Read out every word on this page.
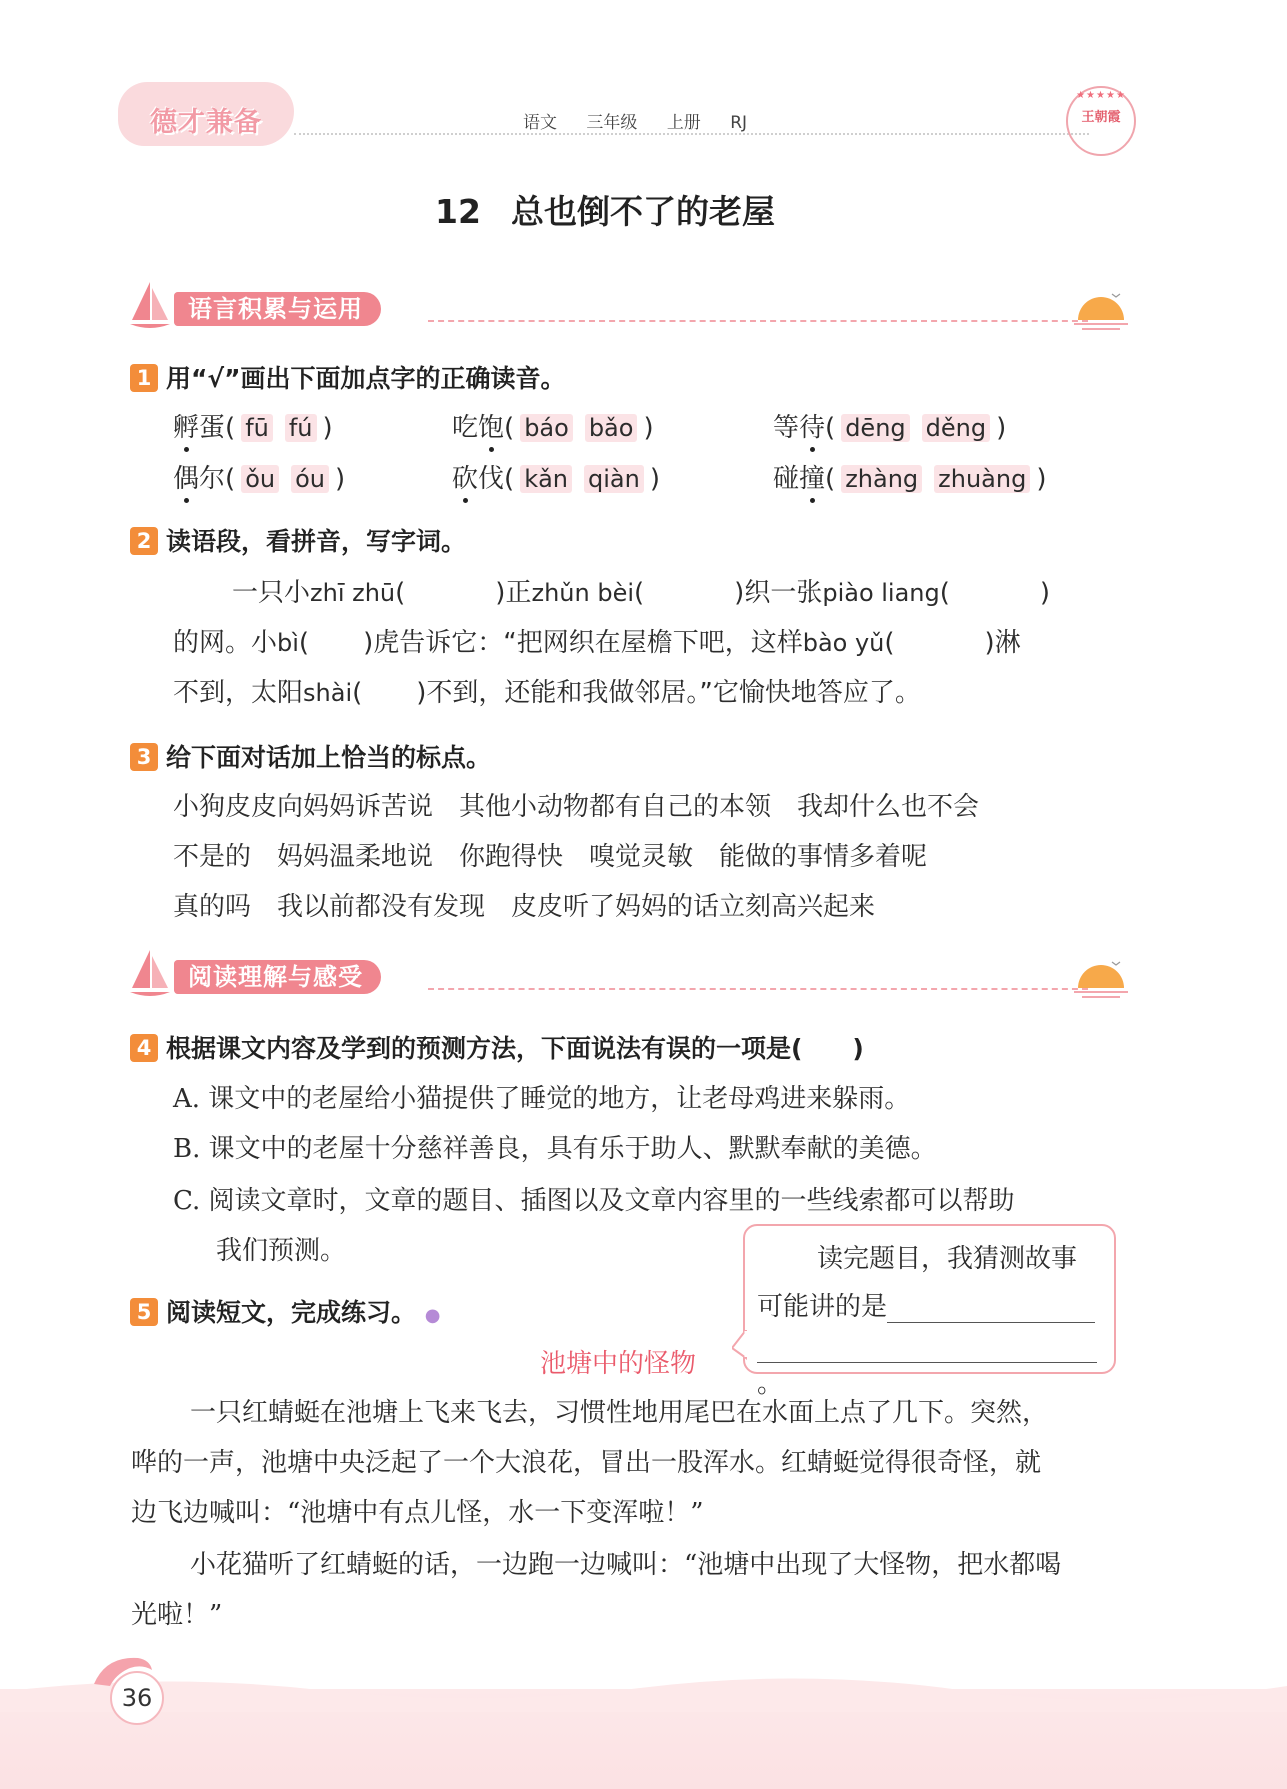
德才兼备	语文 三年级 上册 RJ
★★★★★
王朝霞
12 总也倒不了的老屋
语言积累与运用
1 用“√”画出下面加点字的正确读音。
孵蛋( fū fú )	吃饱( báo bǎo )	等待( dēng děng )
偶尔( ǒu óu )	砍伐( kǎn qiàn )	碰撞( zhàng zhuàng )
2 读语段，看拼音，写字词。
一只小zhī zhū(	)正zhǔn bèi(	)织一张piào liang(	)
的网。小bì( )虎告诉它：“把网织在屋檐下吧，这样bào yǔ(	)淋
不到，太阳shài( )不到，还能和我做邻居。”它愉快地答应了。
3 给下面对话加上恰当的标点。
小狗皮皮向妈妈诉苦说　其他小动物都有自己的本领　我却什么也不会
不是的　妈妈温柔地说　你跑得快　嗅觉灵敏　能做的事情多着呢
真的吗　我以前都没有发现　皮皮听了妈妈的话立刻高兴起来
阅读理解与感受
4 根据课文内容及学到的预测方法，下面说法有误的一项是(　　)
A. 课文中的老屋给小猫提供了睡觉的地方，让老母鸡进来躲雨。
B. 课文中的老屋十分慈祥善良，具有乐于助人、默默奉献的美德。
C. 阅读文章时，文章的题目、插图以及文章内容里的一些线索都可以帮助
我们预测。
5 阅读短文，完成练习。 ●
读完题目，我猜测故事
可能讲的是
。
池塘中的怪物
一只红蜻蜓在池塘上飞来飞去，习惯性地用尾巴在水面上点了几下。突然，
哗的一声，池塘中央泛起了一个大浪花，冒出一股浑水。红蜻蜓觉得很奇怪，就
边飞边喊叫：“池塘中有点儿怪，水一下变浑啦！”
小花猫听了红蜻蜓的话，一边跑一边喊叫：“池塘中出现了大怪物，把水都喝
光啦！”
36
